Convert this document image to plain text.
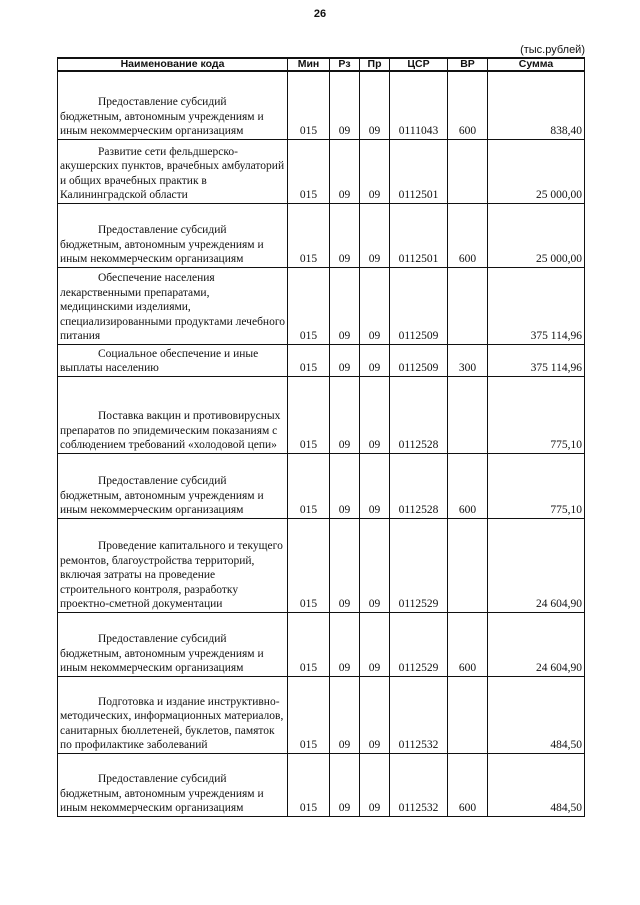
26
(тыс.рублей)
Наименование кода	Мин	Рз	Пр	ЦСР	ВР	Сумма

Предоставление субсидий бюджетным, автономным учреждениям и иным некоммерческим организациям	015	09	09	0111043	600	838,40

Развитие сети фельдшерско-акушерских пунктов, врачебных амбулаторий и общих врачебных практик в Калининградской области	015	09	09	0112501		25 000,00

Предоставление субсидий бюджетным, автономным учреждениям и иным некоммерческим организациям	015	09	09	0112501	600	25 000,00

Обеспечение населения лекарственными препаратами, медицинскими изделиями, специализированными продуктами лечебного питания	015	09	09	0112509		375 114,96

Социальное обеспечение и иные выплаты населению	015	09	09	0112509	300	375 114,96

Поставка вакцин и противовирусных препаратов по эпидемическим показаниям с соблюдением требований «холодовой цепи»	015	09	09	0112528		775,10

Предоставление субсидий бюджетным, автономным учреждениям и иным некоммерческим организациям	015	09	09	0112528	600	775,10

Проведение капитального и текущего ремонтов, благоустройства территорий, включая затраты на проведение строительного контроля, разработку проектно-сметной документации	015	09	09	0112529		24 604,90

Предоставление субсидий бюджетным, автономным учреждениям и иным некоммерческим организациям	015	09	09	0112529	600	24 604,90

Подготовка и издание инструктивно-методических, информационных материалов, санитарных бюллетеней, буклетов, памяток по профилактике заболеваний	015	09	09	0112532		484,50

Предоставление субсидий бюджетным, автономным учреждениям и иным некоммерческим организациям	015	09	09	0112532	600	484,50
